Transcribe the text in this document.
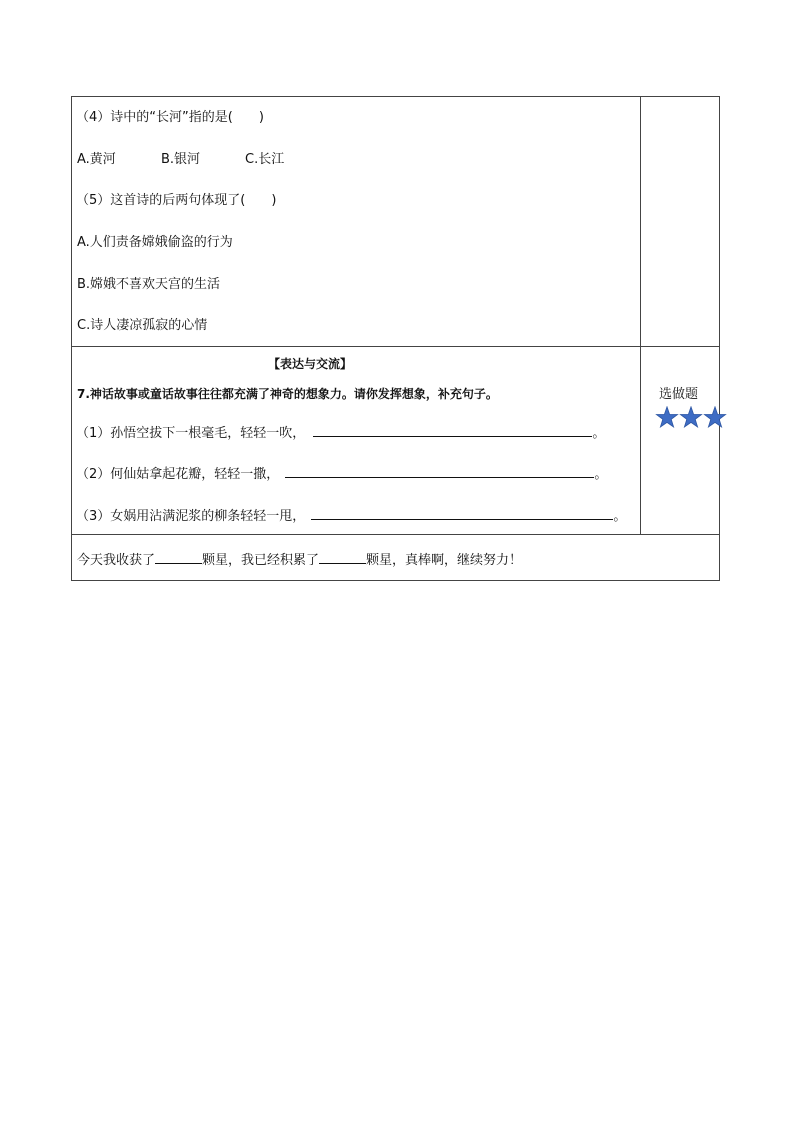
（4）诗中的“长河”指的是(　　)
A.黄河	B.银河	C.长江
（5）这首诗的后两句体现了(　　)
A.人们责备嫦娥偷盗的行为
B.嫦娥不喜欢天宫的生活
C.诗人凄凉孤寂的心情
【表达与交流】
7.神话故事或童话故事往往都充满了神奇的想象力。请你发挥想象，补充句子。
（1）孙悟空拔下一根毫毛，轻轻一吹，	。
（2）何仙姑拿起花瓣，轻轻一撒，	。
（3）女娲用沾满泥浆的柳条轻轻一甩，	。
选做题
今天我收获了	颗星，我已经积累了	颗星，真棒啊，继续努力！
